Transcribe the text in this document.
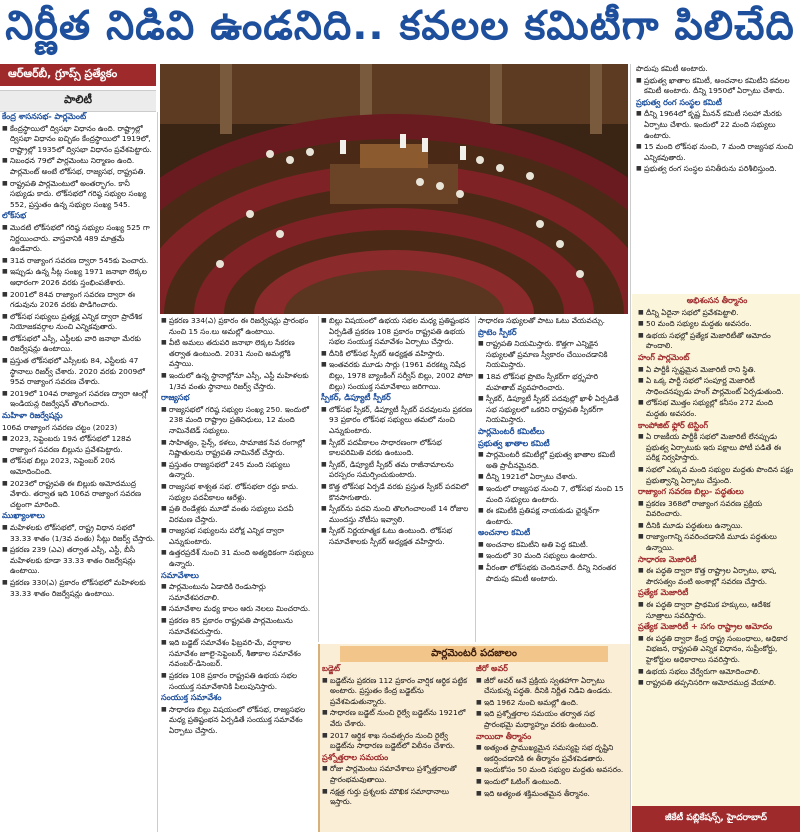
నిర్ణీత నిడివి ఉండనిది.. కవలల కమిటీగా పిలిచేది
ఆర్‌ఆర్‌బీ, గ్రూప్స్ ప్రత్యేకం
పాలిటీ

కేంద్ర శాసనసభ- పార్లమెంట్

■ కేంద్రస్థాయిలో ద్విసభా విధానం ఉంది. రాష్ట్రాల్లో ద్విసభా విధానం ఐచ్ఛికం కేంద్రస్థాయిలో 1919లో, రాష్ట్రాల్లో 1935లో ద్విసభా విధానం ప్రవేశపెట్టారు.

■ నిబంధన 79లో పార్లమెంటు నిర్మాణం ఉంది. పార్లమెంట్ అంటే లోక్‌సభ, రాజ్యసభ, రాష్ట్రపతి.

■ రాష్ట్రపతి పార్లమెంటులో అంతర్భాగం. కానీ సభ్యుడు కాదు. లోక్‌సభలో గరిష్ఠ సభ్యుల సంఖ్య 552, ప్రస్తుతం ఉన్న సభ్యుల సంఖ్య 545.

లోక్‌సభ

■ మొదటి లోక్‌సభలో గరిష్ఠ సభ్యుల సంఖ్య 525 గా నిర్ణయించారు. వాస్తవానికి 489 మాత్రమే ఉండేవారు.

■ 31వ రాజ్యాంగ సవరణ ద్వారా 545కు పెంచారు.

■ ఇప్పుడు ఉన్న సీట్ల సంఖ్య 1971 జనాభా లెక్కల ఆధారంగా 2026 వరకు స్తంభింపజేశారు.

■ 2001లో 84వ రాజ్యాంగ సవరణ ద్వారా ఈ గడువును 2026 వరకు పొడిగించారు.

■ లోక్‌సభ సభ్యులు ప్రత్యక్ష ఎన్నిక ద్వారా ప్రాదేశిక నియోజకవర్గాల నుంచి ఎన్నికవుతారు.

■ లోక్‌సభలో ఎస్సీ, ఎస్టీలకు వారి జనాభా మేరకు రిజర్వేషన్లు ఉంటాయి.

■ ప్రస్తుత లోక్‌సభలో ఎస్సీలకు 84, ఎస్టీలకు 47 స్థానాలు రిజర్వ్ చేశారు. 2020 వరకు 2009లో 95వ రాజ్యాంగ సవరణ చేశారు.

■ 2019లో 104వ రాజ్యాంగ సవరణ ద్వారా ఆంగ్లో ఇండియన్ల రిజర్వేషన్ తొలగించారు.

మహిళా రిజర్వేషన్లు

106వ రాజ్యాంగ సవరణ చట్టం (2023)

■ 2023, సెప్టెంబరు 19న లోక్‌సభలో 128వ రాజ్యాంగ సవరణ బిల్లును ప్రవేశపెట్టారు.

■ లోక్‌సభ బిల్లు 2023, సెప్టెంబర్ 20న ఆమోదించింది.

■ 2023లో రాష్ట్రపతి ఈ బిల్లుకు ఆమోదముద్ర వేశారు. తర్వాత ఇది 106వ రాజ్యాంగ సవరణ చట్టంగా మారింది.

ముఖ్యాంశాలు

■ మహిళలకు లోక్‌సభలో, రాష్ట్ర విధాన సభలో 33.33 శాతం (1/3వ వంతు) సీట్లు రిజర్వ్ చేస్తారు.

■ ప్రకరణ 239 (ఎఎ) తర్వాత ఎస్సీ, ఎస్టీ, బీసీ మహిళలకు కూడా 33.33 శాతం రిజర్వేషన్లు ఉంటాయి.

■ ప్రకరణ 330(ఎ) ప్రకారం లోక్‌సభలో మహిళలకు 33.33 శాతం రిజర్వేషన్లు ఉంటాయి.

■ ప్రకరణ 334(ఎ) ప్రకారం ఈ రిజర్వేషన్లు ప్రారంభం నుంచి 15 సం.లు అమల్లో ఉంటాయి.

■ వీటి అమలు తదుపరి జనాభా లెక్కల సేకరణ తర్వాత ఉంటుంది. 2031 నుంచి అమల్లోకి వస్తాయి.

■ ఇందులో ఉన్న స్థానాల్లోనూ ఎస్సీ, ఎస్టీ మహిళలకు 1/3వ వంతు స్థానాలు రిజర్వ్ చేస్తారు.

రాజ్యసభ

■ రాజ్యసభలో గరిష్ఠ సభ్యుల సంఖ్య 250. ఇందులో 238 మంది రాష్ట్రాల ప్రతినిధులు, 12 మంది నామినేటెడ్ సభ్యులు.

■ సాహిత్యం, సైన్స్, కళలు, సామాజిక సేవ రంగాల్లో నిష్ణాతులను రాష్ట్రపతి నామినేట్ చేస్తారు.

■ ప్రస్తుతం రాజ్యసభలో 245 మంది సభ్యులు ఉన్నారు.

■ రాజ్యసభ శాశ్వత సభ. లోక్‌సభలా రద్దు కాదు. సభ్యుల పదవీకాలం ఆరేళ్లు.

■ ప్రతి రెండేళ్లకు మూడో వంతు సభ్యులు పదవీ విరమణ చేస్తారు.

■ రాజ్యసభ సభ్యులను పరోక్ష ఎన్నిక ద్వారా ఎన్నుకుంటారు.

■ ఉత్తరప్రదేశ్ నుంచి 31 మంది అత్యధికంగా సభ్యులు ఉన్నారు.

సమావేశాలు

■ పార్లమెంటును ఏడాదికి రెండుసార్లు సమావేశపరచాలి.

■ సమావేశాల మధ్య కాలం ఆరు నెలలు మించరాదు.

■ ప్రకరణ 85 ప్రకారం రాష్ట్రపతి పార్లమెంటును సమావేశపరుస్తారు.

■ ఇది బడ్జెట్ సమావేశం ఫిబ్రవరి-మే, వర్షాకాల సమావేశం జూలై-సెప్టెంబర్, శీతాకాల సమావేశం నవంబర్-డిసెంబర్.

■ ప్రకరణ 108 ప్రకారం రాష్ట్రపతి ఉభయ సభల సంయుక్త సమావేశానికి పిలుపునిస్తారు.

సంయుక్త సమావేశం

■ సాధారణ బిల్లు విషయంలో లోక్‌సభ, రాజ్యసభల మధ్య ప్రతిష్టంభన ఏర్పడితే సంయుక్త సమావేశం ఏర్పాటు చేస్తారు.

■ బిల్లు విషయంలో ఉభయ సభల మధ్య ప్రతిష్టంభన ఏర్పడితే ప్రకరణ 108 ప్రకారం రాష్ట్రపతి ఉభయ సభల సంయుక్త సమావేశం ఏర్పాటు చేస్తారు.

■ దీనికి లోక్‌సభ స్పీకర్ అధ్యక్షత వహిస్తారు.

■ ఇంతవరకు మూడు సార్లు (1961 వరకట్న నిషేధ బిల్లు, 1978 బ్యాంకింగ్ సర్వీస్ బిల్లు, 2002 పోటా బిల్లు) సంయుక్త సమావేశాలు జరిగాయి.

స్పీకర్, డిప్యూటీ స్పీకర్

■ లోక్‌సభ స్పీకర్, డిప్యూటీ స్పీకర్ పదవులను ప్రకరణ 93 ప్రకారం లోక్‌సభ సభ్యులు తమలో నుంచి ఎన్నుకుంటారు.

■ స్పీకర్ పదవీకాలం సాధారణంగా లోక్‌సభ కాలపరిమితి వరకు ఉంటుంది.

■ స్పీకర్, డిప్యూటీ స్పీకర్ తమ రాజీనామాలను పరస్పరం సమర్పించుకుంటారు.

■ కొత్త లోక్‌సభ ఏర్పడే వరకు ప్రస్తుత స్పీకర్ పదవిలో కొనసాగుతారు.

■ స్పీకర్‌ను పదవి నుంచి తొలగించాలంటే 14 రోజుల ముందస్తు నోటీసు ఇవ్వాలి.

■ స్పీకర్ నిర్ణయాత్మక ఓటు ఉంటుంది. లోక్‌సభ సమావేశాలకు స్పీకర్ అధ్యక్షత వహిస్తారు.

సాధారణ సభ్యులతో పాటు ఓటు వేయవచ్చు.

ప్రొటెం స్పీకర్

■ రాష్ట్రపతి నియమిస్తారు. కొత్తగా ఎన్నికైన సభ్యులతో ప్రమాణ స్వీకారం చేయించడానికి నియమిస్తారు.

■ 18వ లోక్‌సభ ప్రొటెం స్పీకర్‌గా భర్తృహరి మహతాబ్ వ్యవహరించారు.

■ స్పీకర్, డిప్యూటీ స్పీకర్ పదవుల్లో ఖాళీ ఏర్పడితే సభ సభ్యులలో ఒకరిని రాష్ట్రపతి స్పీకర్‌గా నియమిస్తారు.

పార్లమెంటరీ కమిటీలు

ప్రభుత్వ ఖాతాల కమిటీ

■ పార్లమెంటరీ కమిటీల్లో ప్రభుత్వ ఖాతాల కమిటీ అతి ప్రాచీనమైనది.

■ దీన్ని 1921లో ఏర్పాటు చేశారు.

■ ఇందులో రాజ్యసభ నుంచి 7, లోక్‌సభ నుంచి 15 మంది సభ్యులు ఉంటారు.

■ ఈ కమిటీకి ప్రతిపక్ష నాయకుడు ఛైర్మన్‌గా ఉంటారు.

అంచనాల కమిటీ

■ అంచనాల కమిటీని అతి పెద్ద కమిటీ.

■ ఇందులో 30 మంది సభ్యులు ఉంటారు.

■ వీరంతా లోక్‌సభకు చెందినవారే. దీన్ని నిరంతర పొదుపు కమిటీ అంటారు.

పార్లమెంటరీ పదజాలం

బడ్జెట్

■ బడ్జెట్‌ను ప్రకరణ 112 ప్రకారం వార్షిక ఆర్థిక పట్టిక అంటారు. ప్రస్తుతం కేంద్ర బడ్జెట్‌ను ప్రవేశపెడుతున్నారు.

■ సాధారణ బడ్జెట్ నుంచి రైల్వే బడ్జెట్‌ను 1921లో వేరు చేశారు.

■ 2017 ఆర్థిక శాఖ సంవత్సరం నుంచి రైల్వే బడ్జెట్‌ను సాధారణ బడ్జెట్‌లో విలీనం చేశారు.

ప్రశ్నోత్తరాల సమయం

■ రోజు పార్లమెంటు సమావేశాలు ప్రశ్నోత్తరాలతో ప్రారంభమవుతాయి.

■ నక్షత్ర గుర్తు ప్రశ్నలకు మౌఖిక సమాధానాలు ఇస్తారు.

జీరో అవర్

■ జీరో అవర్ అనే ప్రక్రియ స్వతహాగా ఏర్పాటు చేసుకున్న పద్ధతి. దీనికి నిర్ణీత నిడివి ఉండదు.

■ ఇది 1962 నుంచి అమల్లో ఉంది.

■ ఇది ప్రశ్నోత్తరాల సమయం తర్వాత సభ ప్రారంభమై మధ్యాహ్నం వరకు ఉంటుంది.

వాయిదా తీర్మానం

■ అత్యంత ప్రాముఖ్యమైన సమస్యపై సభ దృష్టిని ఆకర్షించడానికి ఈ తీర్మానం ప్రవేశపెడతారు.

■ ఇందుకోసం 50 మంది సభ్యుల మద్దతు అవసరం.

■ ఇందులో ఓటింగ్ ఉంటుంది.

■ ఇది అత్యంత శక్తిమంతమైన తీర్మానం.

పొదుపు కమిటీ అంటారు.

■ ప్రభుత్వ ఖాతాల కమిటీ, అంచనాల కమిటీని కవలల కమిటీ అంటారు. దీన్ని 1950లో ఏర్పాటు చేశారు.

ప్రభుత్వ రంగ సంస్థల కమిటీ

■ దీన్ని 1964లో కృష్ణ మీనన్ కమిటీ సలహా మేరకు ఏర్పాటు చేశారు. ఇందులో 22 మంది సభ్యులు ఉంటారు.

■ 15 మంది లోక్‌సభ నుంచి, 7 మంది రాజ్యసభ నుంచి ఎన్నికవుతారు.

■ ప్రభుత్వ రంగ సంస్థల పనితీరును పరిశీలిస్తుంది.

అభిశంసన తీర్మానం

■ దీన్ని ఏదైనా సభలో ప్రవేశపెట్టాలి.

■ 50 మంది సభ్యుల మద్దతు అవసరం.

■ ఉభయ సభల్లో ప్రత్యేక మెజారిటీతో ఆమోదం పొందాలి.

హంగ్ పార్లమెంట్

■ ఏ పార్టీకీ స్పష్టమైన మెజారిటీ రాని స్థితి.

■ ఏ ఒక్క పార్టీ సభలో సంపూర్ణ మెజారిటీ సాధించనప్పుడు హంగ్ పార్లమెంట్ ఏర్పడుతుంది.

■ లోక్‌సభ మొత్తం సభ్యుల్లో కనీసం 272 మంది మద్దతు అవసరం.

కాంపోజిట్ ఫ్లోర్ టెస్టింగ్

■ ఏ రాజకీయ పార్టీకీ సభలో మెజారిటీ లేనప్పుడు ప్రభుత్వ ఏర్పాటుకు ఇరు పక్షాలు పోటీ పడితే ఈ పరీక్ష నిర్వహిస్తారు.

■ సభలో ఎక్కువ మంది సభ్యుల మద్దతు పొందిన పక్షం ప్రభుత్వాన్ని ఏర్పాటు చేస్తుంది.

రాజ్యాంగ సవరణ బిల్లు- పద్ధతులు

■ ప్రకరణ 368లో రాజ్యాంగ సవరణ ప్రక్రియ వివరించారు.

■ దీనికి మూడు పద్ధతులు ఉన్నాయి.

■ రాజ్యాంగాన్ని సవరించడానికి మూడు పద్ధతులు ఉన్నాయి.

సాధారణ మెజారిటీ

■ ఈ పద్ధతి ద్వారా కొత్త రాష్ట్రాల ఏర్పాటు, భాష, పౌరసత్వం వంటి అంశాల్లో సవరణ చేస్తారు.

ప్రత్యేక మెజారిటీ

■ ఈ పద్ధతి ద్వారా ప్రాథమిక హక్కులు, ఆదేశిక సూత్రాలు సవరిస్తారు.

ప్రత్యేక మెజారిటీ + సగం రాష్ట్రాల ఆమోదం

■ ఈ పద్ధతి ద్వారా కేంద్ర రాష్ట్ర సంబంధాలు, అధికార విభజన, రాష్ట్రపతి ఎన్నిక విధానం, సుప్రీంకోర్టు, హైకోర్టుల అధికారాలు సవరిస్తారు.

■ ఉభయ సభలు వేర్వేరుగా ఆమోదించాలి.

■ రాష్ట్రపతి తప్పనిసరిగా ఆమోదముద్ర వేయాలి.

జీకేటీ పబ్లికేషన్స్, హైదరాబాద్
